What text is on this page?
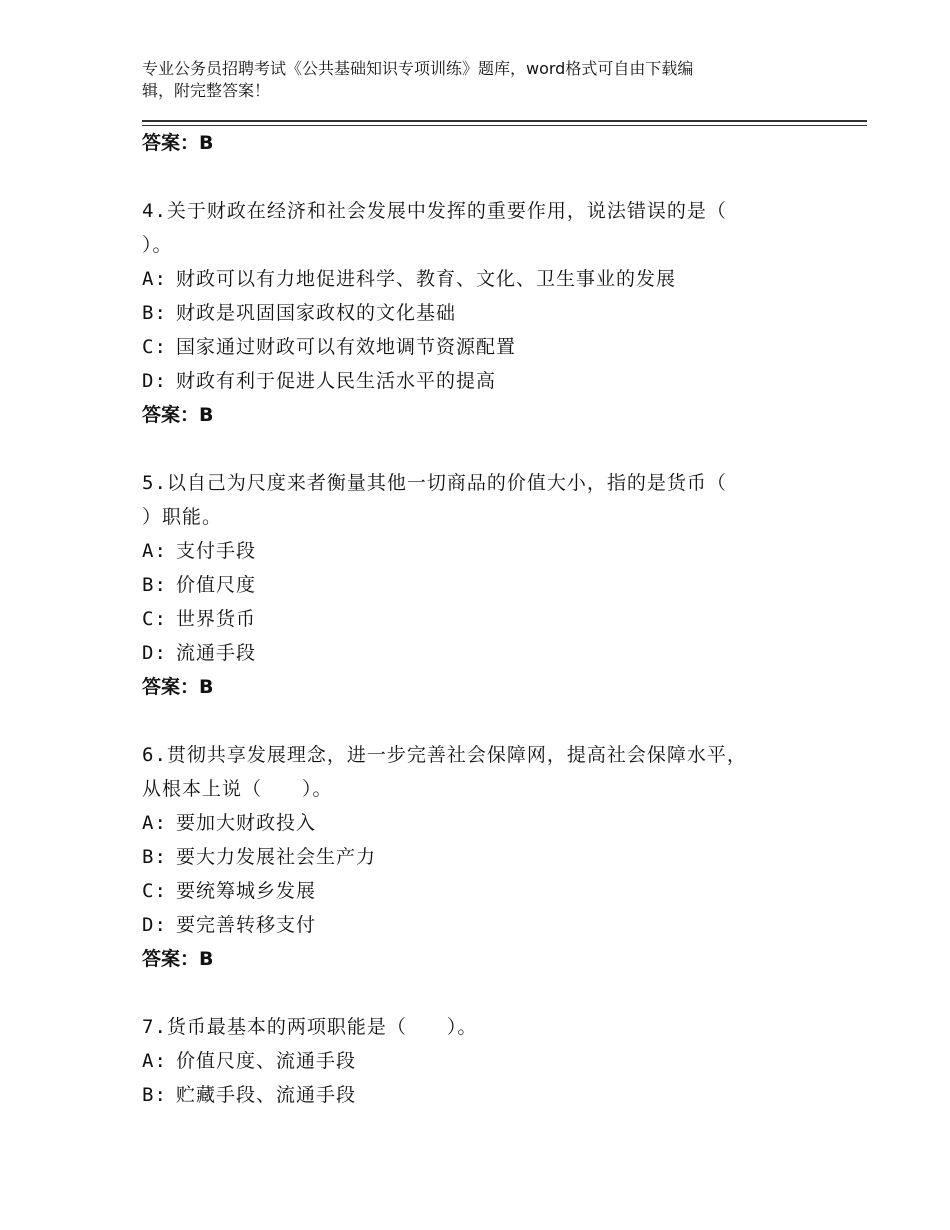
专业公务员招聘考试《公共基础知识专项训练》题库，word格式可自由下载编
辑，附完整答案！
答案：B
4.关于财政在经济和社会发展中发挥的重要作用，说法错误的是（
）。
A: 财政可以有力地促进科学、教育、文化、卫生事业的发展
B: 财政是巩固国家政权的文化基础
C: 国家通过财政可以有效地调节资源配置
D: 财政有利于促进人民生活水平的提高
答案：B
5.以自己为尺度来者衡量其他一切商品的价值大小，指的是货币（
）职能。
A: 支付手段
B: 价值尺度
C: 世界货币
D: 流通手段
答案：B
6.贯彻共享发展理念，进一步完善社会保障网，提高社会保障水平，
从根本上说（　　）。
A: 要加大财政投入
B: 要大力发展社会生产力
C: 要统筹城乡发展
D: 要完善转移支付
答案：B
7.货币最基本的两项职能是（　　）。
A: 价值尺度、流通手段
B: 贮藏手段、流通手段
